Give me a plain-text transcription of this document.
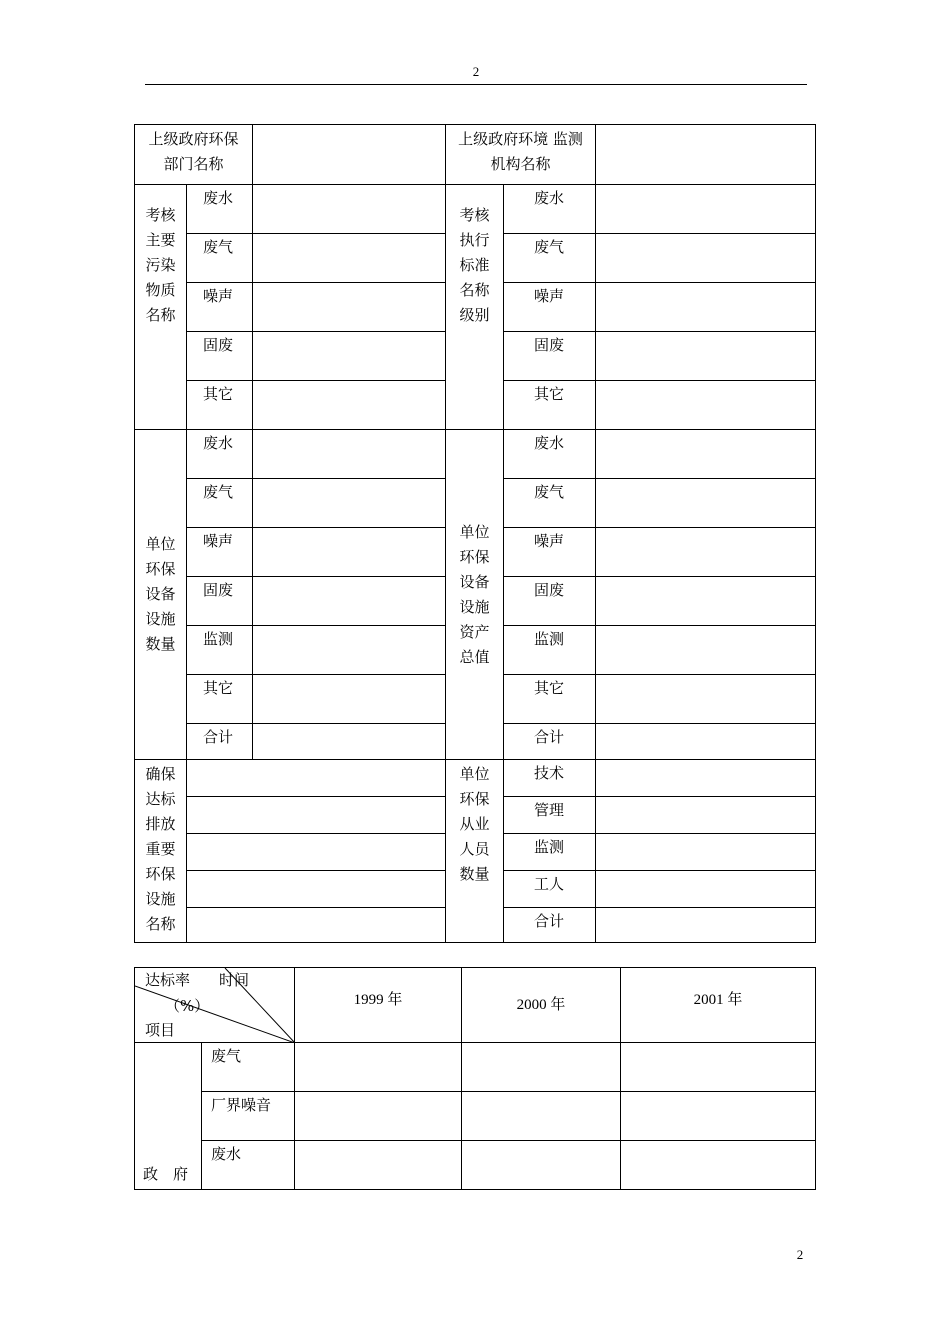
2
上级政府环保部门名称			上级政府环境 监测机构名称		
考核主要污染物质名称	废水		考核执行标准名称级别	废水	
	废气			废气	
	噪声			噪声	
	固废			固废	
	其它			其它	
单位环保设备设施数量	废水		单位环保设备设施资产总值	废水	
	废气			废气	
	噪声			噪声	
	固废			固废	
	监测			监测	
	其它			其它	
	合计			合计	
确保达标排放重要环保设施名称			单位环保从业人员数量	技术	
				管理	
				监测	
				工人	
				合计	
达标率 时间
（%）
项目		1999 年	2000 年	2001 年
政　府	废气			
	厂界噪音			
	废水			
2
